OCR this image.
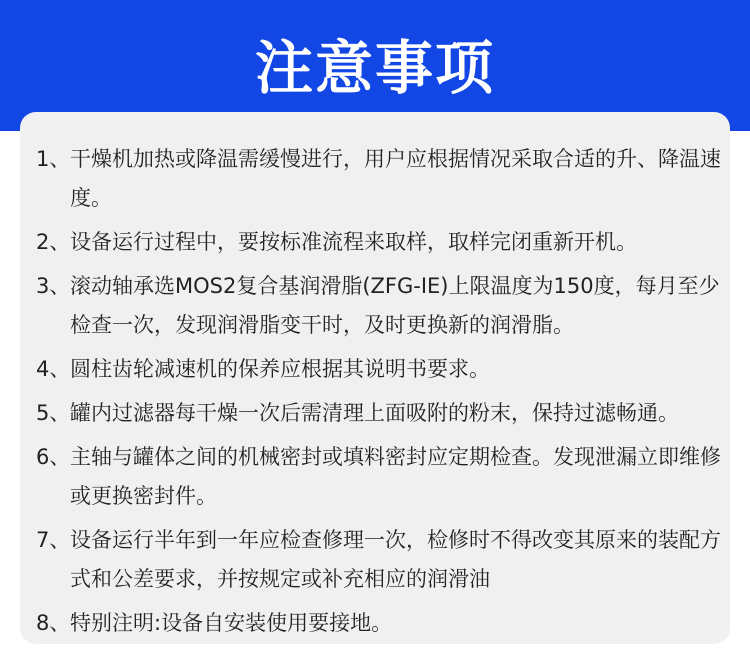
注意事项
1、 干燥机加热或降温需缓慢进行，用户应根据情况采取合适的升、降温速度。
2、 设备运行过程中，要按标准流程来取样，取样完闭重新开机。
3、 滚动轴承选MOS2复合基润滑脂(ZFG-IE)上限温度为150度，每月至少检查一次，发现润滑脂变干时，及时更换新的润滑脂。
4、 圆柱齿轮减速机的保养应根据其说明书要求。
5、 罐内过滤器每干燥一次后需清理上面吸附的粉末，保持过滤畅通。
6、 主轴与罐体之间的机械密封或填料密封应定期检查。发现泄漏立即维修或更换密封件。
7、 设备运行半年到一年应检查修理一次，检修时不得改变其原来的装配方式和公差要求，并按规定或补充相应的润滑油
8、 特别注明:设备自安装使用要接地。
